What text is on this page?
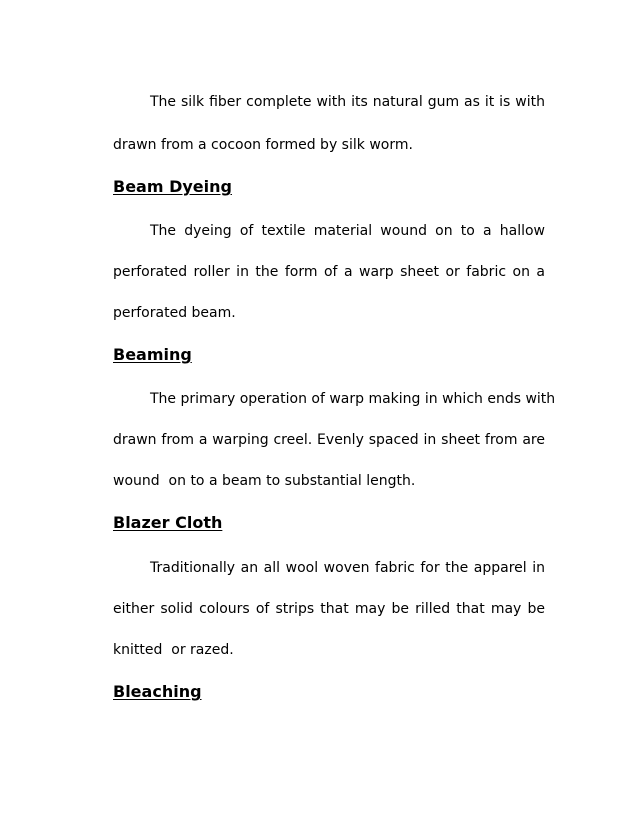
The silk fiber complete with its natural gum as it is with
drawn from a cocoon formed by silk worm.
Beam Dyeing
The dyeing of textile material wound on to a hallow
perforated roller in the form of a warp sheet or fabric on a
perforated beam.
Beaming
The primary operation of warp making in which ends with
drawn from a warping creel. Evenly spaced in sheet from are
wound  on to a beam to substantial length.
Blazer Cloth
Traditionally an all wool woven fabric for the apparel in
either solid colours of strips that may be rilled that may be
knitted  or razed.
Bleaching
